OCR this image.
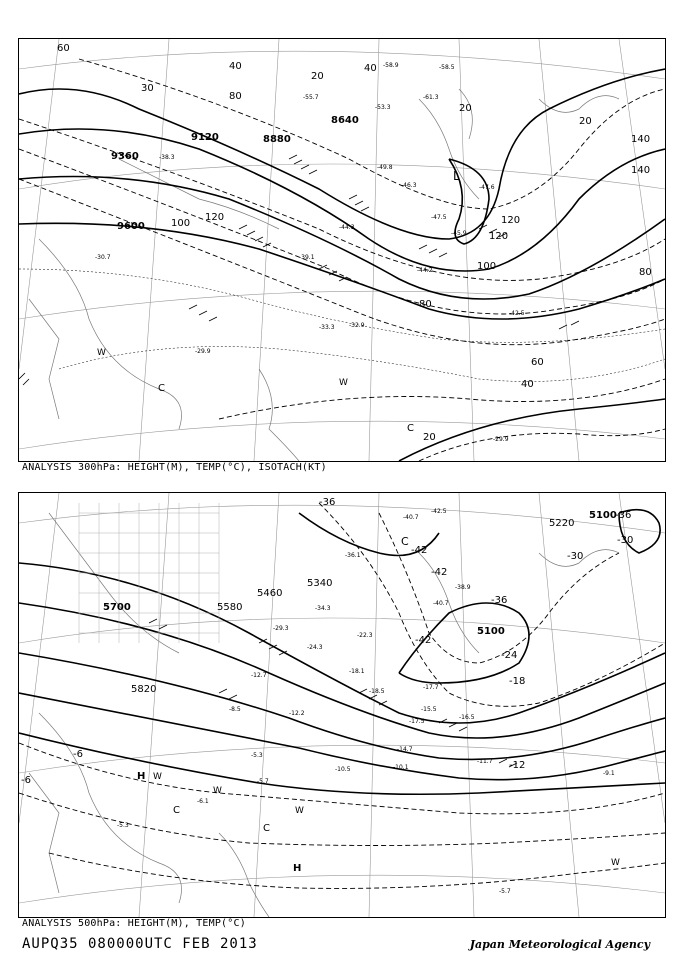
9120	8880
8640
9360
9600
60
30
40
80
20
40
20
20
100
120
140
120
100
80
60
40
80
120
140
20
-44.3
-39.1
-42.5
-33.3 -32.9
-30.7
-29.9
-29.9
-47.5
-44.2
-45.9
-38.3
-47.6
-46.3
-61.3
-58.9	-58.5
-55.7
-53.3
-49.8
L
W
C	W
C
ANALYSIS 300hPa: HEIGHT(M), TEMP(°C), ISOTACH(KT)
5700	5580
5460
5340
5220
5100
5100
5820
-36
-42
-42
-36
-30
-24
-18
-12
-6
-6
-42
-36
-30
-40.7
-42.5
-36.1
-38.9
-40.7
-34.3
-29.3
-24.3
-22.3
-18.1
-12.7
-17.7
-15.5
-18.5
-17.5
-16.5
-12.2
-8.5
-5.3
-5.7
-10.1
-14.7
-10.5
-11.7
-9.1
-6.1
-5.3
-5.7
C
H W
C	W
C
W
H	W
ANALYSIS 500hPa: HEIGHT(M), TEMP(°C)
AUPQ35 080000UTC FEB 2013	Japan Meteorological Agency
